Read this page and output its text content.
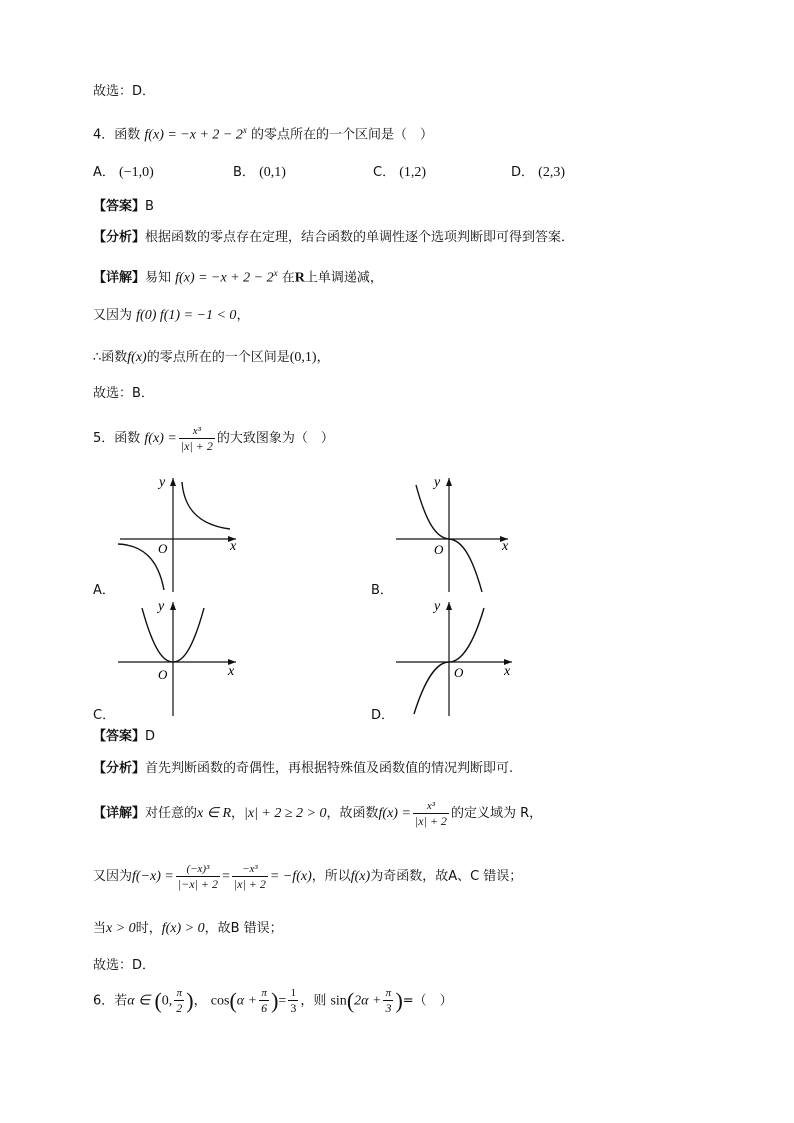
故选：D．
4．函数 $f(x) = -x + 2 - 2^x$ 的零点所在的一个区间是（　）
A． (−1,0)	B． (0,1)	C． (1,2)	D． (2,3)
【答案】B
【分析】根据函数的零点存在定理，结合函数的单调性逐个选项判断即可得到答案．
【详解】易知 $f(x) = -x + 2 - 2^x$ 在R上单调递减，
又因为 f(0) f(1) = −1 < 0，
∴函数f(x)的零点所在的一个区间是(0,1)，
故选：B．
5．函数 $f(x) = \frac{\text{x³}}{|x| + 2}$ 的大致图象为（　）
x
y
O
A．
x
y
O
B．
x
y
O
C．
x
y
O
D．
【答案】D
【分析】首先判断函数的奇偶性，再根据特殊值及函数值的情况判断即可.
【详解】对任意的x ∈ R，|x| + 2 ≥ 2 > 0，故函数$f(x) = \frac{\text{x³}}{|x| + 2}$ 的定义域为 R，
又因为$f(-x) = \frac{\text{(−x)³}}{|-x| + 2} = \frac{\text{−x³}}{|x| + 2} = -f(x)$，所以f(x)为奇函数，故A、C 错误；
当x > 0时，f(x) > 0，故B 错误；
故选：D．
6．若α ∈ (0, $\frac{\pi}{2}$ )， $\cos(\alpha + \frac{\pi}{6}$ )= $\frac{1}{3}$ ，则 $\sin(2\alpha + \frac{\pi}{3}$ )=（　）
